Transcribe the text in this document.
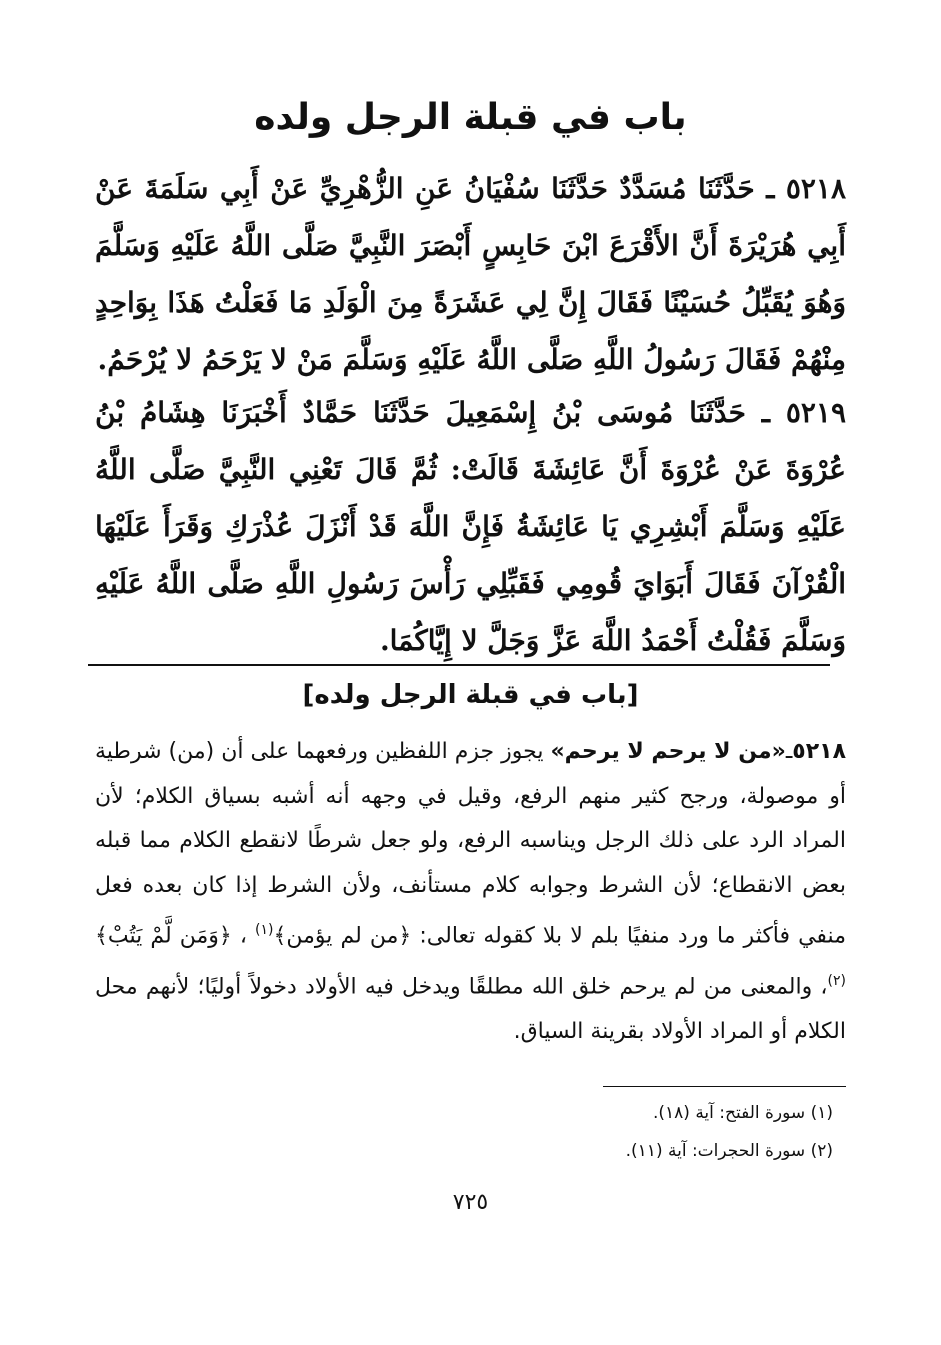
باب في قبلة الرجل ولده
٥٢١٨ ـ حَدَّثَنَا مُسَدَّدٌ حَدَّثَنَا سُفْيَانُ عَنِ الزُّهْرِيِّ عَنْ أَبِي سَلَمَةَ عَنْ أَبِي هُرَيْرَةَ أَنَّ الأَقْرَعَ ابْنَ حَابِسٍ أَبْصَرَ النَّبِيَّ صَلَّى اللَّهُ عَلَيْهِ وَسَلَّمَ وَهُوَ يُقَبِّلُ حُسَيْنًا فَقَالَ إِنَّ لِي عَشَرَةً مِنَ الْوَلَدِ مَا فَعَلْتُ هَذَا بِوَاحِدٍ مِنْهُمْ فَقَالَ رَسُولُ اللَّهِ صَلَّى اللَّهُ عَلَيْهِ وَسَلَّمَ مَنْ لا يَرْحَمُ لا يُرْحَمُ.
٥٢١٩ ـ حَدَّثَنَا مُوسَى بْنُ إِسْمَعِيلَ حَدَّثَنَا حَمَّادٌ أَخْبَرَنَا هِشَامُ بْنُ عُرْوَةَ عَنْ عُرْوَةَ أَنَّ عَائِشَةَ قَالَتْ: ثُمَّ قَالَ تَعْنِي النَّبِيَّ صَلَّى اللَّهُ عَلَيْهِ وَسَلَّمَ أَبْشِرِي يَا عَائِشَةُ فَإِنَّ اللَّهَ قَدْ أَنْزَلَ عُذْرَكِ وَقَرَأَ عَلَيْهَا الْقُرْآنَ فَقَالَ أَبَوَايَ قُومِي فَقَبِّلِي رَأْسَ رَسُولِ اللَّهِ صَلَّى اللَّهُ عَلَيْهِ وَسَلَّمَ فَقُلْتُ أَحْمَدُ اللَّهَ عَزَّ وَجَلَّ لا إِيَّاكُمَا.
[باب في قبلة الرجل ولده]
٥٢١٨ـ«من لا يرحم لا يرحم» يجوز جزم اللفظين ورفعهما على أن (من) شرطية أو موصولة، ورجح كثير منهم الرفع، وقيل في وجهه أنه أشبه بسياق الكلام؛ لأن المراد الرد على ذلك الرجل ويناسبه الرفع، ولو جعل شرطًا لانقطع الكلام مما قبله بعض الانقطاع؛ لأن الشرط وجوابه كلام مستأنف، ولأن الشرط إذا كان بعده فعل منفي فأكثر ما ورد منفيًا بلم لا بلا كقوله تعالى: ﴿من لم يؤمن﴾$^{(١)}$ ، ﴿وَمَن لَّمْ يَتُبْ﴾$^{(٢)}$، والمعنى من لم يرحم خلق الله مطلقًا ويدخل فيه الأولاد دخولاً أوليًا؛ لأنهم محل الكلام أو المراد الأولاد بقرينة السياق.
(١) سورة الفتح: آية (١٨).
(٢) سورة الحجرات: آية (١١).
٧٢٥
